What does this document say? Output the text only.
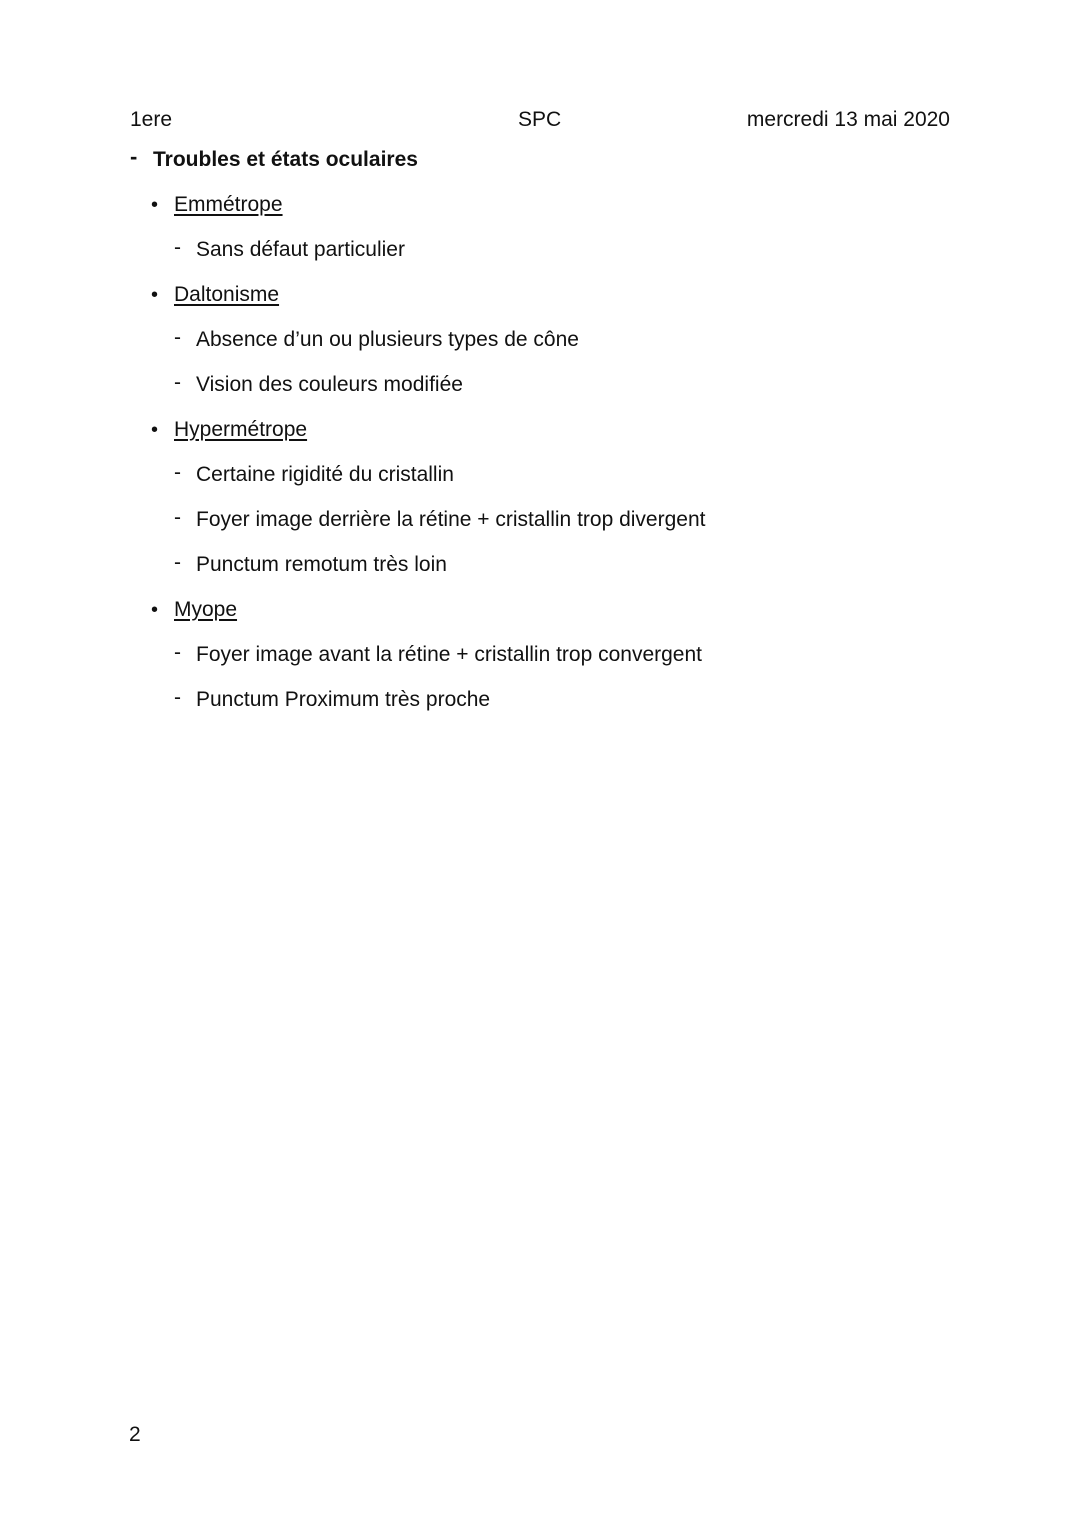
1ere	SPC	mercredi 13 mai 2020
- Troubles et états oculaires
• Emmétrope
- Sans défaut particulier
• Daltonisme
- Absence d’un ou plusieurs types de cône
- Vision des couleurs modifiée
• Hypermétrope
- Certaine rigidité du cristallin
- Foyer image derrière la rétine + cristallin trop divergent
- Punctum remotum très loin
• Myope
- Foyer image avant la rétine + cristallin trop convergent
- Punctum Proximum très proche
2
